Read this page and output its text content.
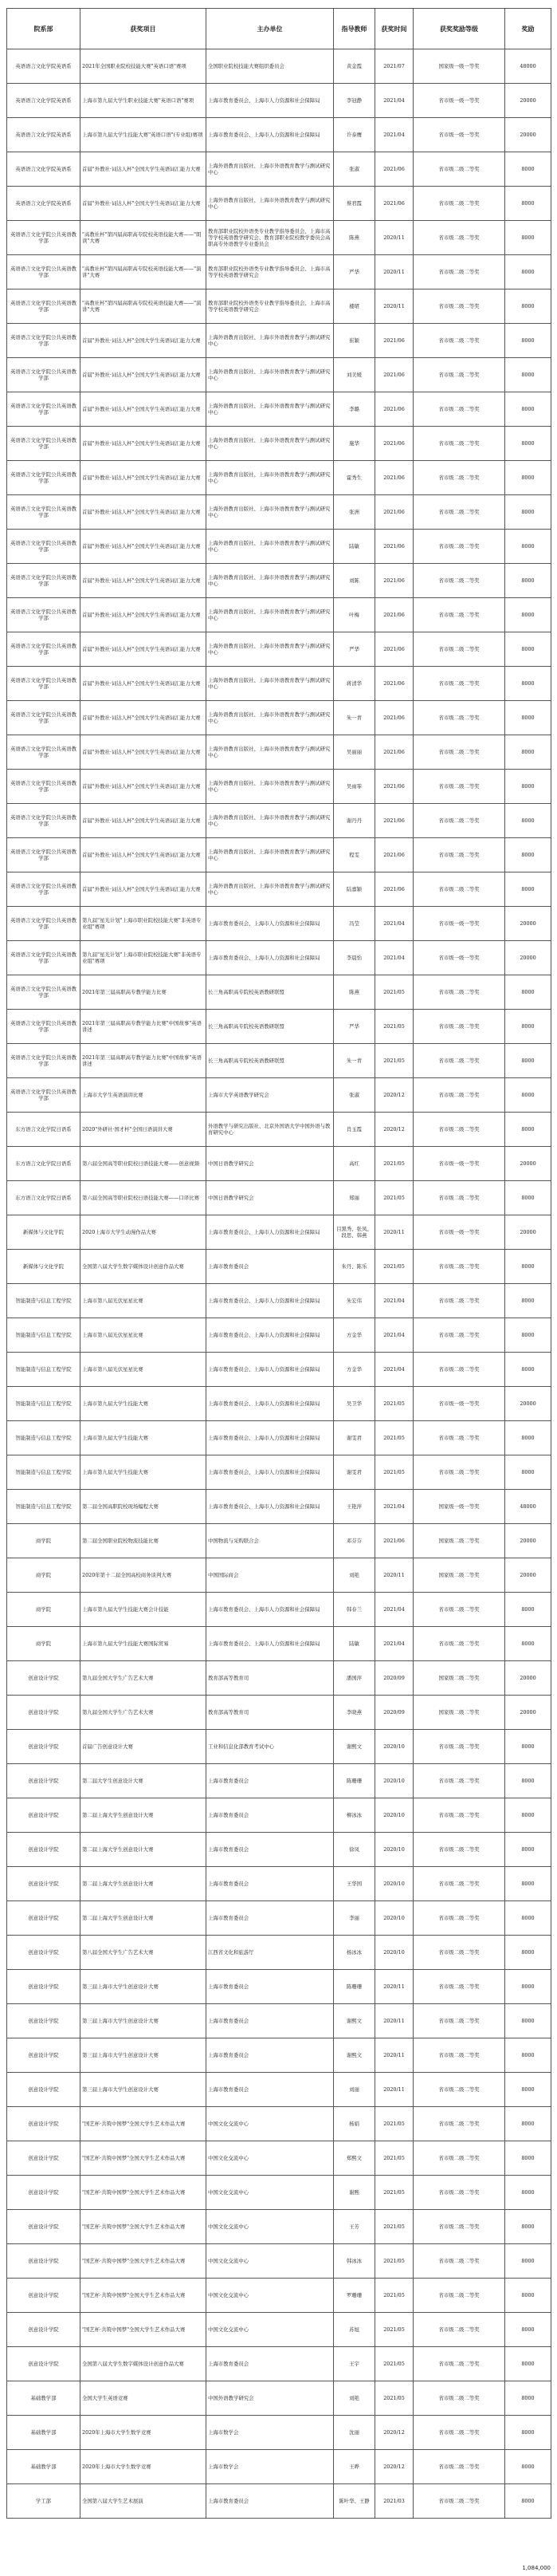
院系部	获奖项目	主办单位	指导教师	获奖时间	获奖奖励等级	奖励
英语语言文化学院英语系	2021年全国职业院校技能大赛"英语口语"赛项	全国职业院校技能大赛组织委员会	黄金霞	2021/07	国家级一级一等奖	48000
英语语言文化学院英语系	上海市第九届大学生职业技能大赛"英语口语"赛项	上海市教育委员会、上海市人力资源和社会保障局	李冠静	2021/04	省市级一级一等奖	20000
英语语言文化学院英语系	上海市第九届大学生技能大赛"英语口语"(专业组)赛项	上海市教育委员会、上海市人力资源和社会保障局	许泰鹰	2021/04	省市级一级一等奖	20000
英语语言文化学院英语系	首届"外教社·词达人杯"全国大学生英语词汇能力大赛	上海外语教育出版社、上海市外语教育教学与测试研究中心	张淑	2021/06	省市级二级二等奖	8000
英语语言文化学院英语系	首届"外教社·词达人杯"全国大学生英语词汇能力大赛	上海外语教育出版社、上海市外语教育教学与测试研究中心	蔡君霞	2021/06	省市级二级二等奖	8000
英语语言文化学院公共英语教学部	"高教社杯"第四届高职高专院校英语技能大赛——"朗读"大赛	教育部职业院校外语类专业教学指导委员会、上海市高等学校英语教学研究会、教育部职业院校教学委员会高职高专外语教学专业委员会	陈燕	2020/11	省市级二级二等奖	8000
英语语言文化学院公共英语教学部	"高教社杯"第四届高职高专院校英语技能大赛——"演讲"大赛	教育部职业院校外语类专业教学指导委员会、上海市高等学校英语教学研究会	严华	2020/11	省市级二级二等奖	8000
英语语言文化学院公共英语教学部	"高教社杯"第四届高职高专院校英语技能大赛——"演讲"大赛	教育部职业院校外语类专业教学指导委员会、上海市高等学校英语教学研究会	楼珺	2020/11	省市级二级二等奖	8000
英语语言文化学院公共英语教学部	首届"外教社·词达人杯"全国大学生英语词汇能力大赛	上海外语教育出版社、上海市外语教育教学与测试研究中心	崔颖	2021/06	省市级二级二等奖	8000
英语语言文化学院公共英语教学部	首届"外教社·词达人杯"全国大学生英语词汇能力大赛	上海外语教育出版社、上海市外语教育教学与测试研究中心	刘美媛	2021/06	省市级二级二等奖	8000
英语语言文化学院公共英语教学部	首届"外教社·词达人杯"全国大学生英语词汇能力大赛	上海外语教育出版社、上海市外语教育教学与测试研究中心	李璐	2021/06	省市级二级二等奖	8000
英语语言文化学院公共英语教学部	首届"外教社·词达人杯"全国大学生英语词汇能力大赛	上海外语教育出版社、上海市外语教育教学与测试研究中心	施华	2021/06	省市级二级二等奖	8000
英语语言文化学院公共英语教学部	首届"外教社·词达人杯"全国大学生英语词汇能力大赛	上海外语教育出版社、上海市外语教育教学与测试研究中心	霍秀生	2021/06	省市级二级二等奖	8000
英语语言文化学院公共英语教学部	首届"外教社·词达人杯"全国大学生英语词汇能力大赛	上海外语教育出版社、上海市外语教育教学与测试研究中心	张洲	2021/06	省市级二级二等奖	8000
英语语言文化学院公共英语教学部	首届"外教社·词达人杯"全国大学生英语词汇能力大赛	上海外语教育出版社、上海市外语教育教学与测试研究中心	陆敏	2021/06	省市级二级二等奖	8000
英语语言文化学院公共英语教学部	首届"外教社·词达人杯"全国大学生英语词汇能力大赛	上海外语教育出版社、上海市外语教育教学与测试研究中心	刘陈	2021/06	省市级二级二等奖	8000
英语语言文化学院公共英语教学部	首届"外教社·词达人杯"全国大学生英语词汇能力大赛	上海外语教育出版社、上海市外语教育教学与测试研究中心	叶梅	2021/06	省市级二级二等奖	8000
英语语言文化学院公共英语教学部	首届"外教社·词达人杯"全国大学生英语词汇能力大赛	上海外语教育出版社、上海市外语教育教学与测试研究中心	严华	2021/06	省市级二级二等奖	8000
英语语言文化学院公共英语教学部	首届"外教社·词达人杯"全国大学生英语词汇能力大赛	上海外语教育出版社、上海市外语教育教学与测试研究中心	蒋清华	2021/06	省市级二级二等奖	8000
英语语言文化学院公共英语教学部	首届"外教社·词达人杯"全国大学生英语词汇能力大赛	上海外语教育出版社、上海市外语教育教学与测试研究中心	朱一青	2021/06	省市级二级二等奖	8000
英语语言文化学院公共英语教学部	首届"外教社·词达人杯"全国大学生英语词汇能力大赛	上海外语教育出版社、上海市外语教育教学与测试研究中心	吴丽丽	2021/06	省市级二级二等奖	8000
英语语言文化学院公共英语教学部	首届"外教社·词达人杯"全国大学生英语词汇能力大赛	上海外语教育出版社、上海市外语教育教学与测试研究中心	吴雨霏	2021/06	省市级二级二等奖	8000
英语语言文化学院公共英语教学部	首届"外教社·词达人杯"全国大学生英语词汇能力大赛	上海外语教育出版社、上海市外语教育教学与测试研究中心	谢丹丹	2021/06	省市级二级二等奖	8000
英语语言文化学院公共英语教学部	首届"外教社·词达人杯"全国大学生英语词汇能力大赛	上海外语教育出版社、上海市外语教育教学与测试研究中心	程雯	2021/06	省市级二级二等奖	8000
英语语言文化学院公共英语教学部	首届"外教社·词达人杯"全国大学生英语词汇能力大赛	上海外语教育出版社、上海市外语教育教学与测试研究中心	陆嘉颖	2021/06	省市级二级二等奖	8000
英语语言文化学院公共英语教学部	第九届"星光计划"上海市职业院校技能大赛"非英语专业组"赛项	上海市教育委员会、上海市人力资源和社会保障局	冯莹	2021/04	省市级一级一等奖	20000
英语语言文化学院公共英语教学部	第九届"星光计划"上海市职业院校技能大赛"非英语专业组"赛项	上海市教育委员会、上海市人力资源和社会保障局	李晨怡	2021/04	省市级一级一等奖	20000
英语语言文化学院公共英语教学部	2021年第三届高职高专教学能力比赛	长三角高职高专院校英语教研联盟	陈燕	2021/05	省市级二级二等奖	8000
英语语言文化学院公共英语教学部	2021年第三届高职高专教学能力比赛"中国故事"英语讲述	长三角高职高专院校英语教研联盟	严华	2021/05	省市级二级二等奖	8000
英语语言文化学院公共英语教学部	2021年第三届高职高专教学能力比赛"中国故事"英语讲述	长三角高职高专院校英语教研联盟	朱一青	2021/05	省市级二级二等奖	8000
英语语言文化学院公共英语教学部	上海市大学生英语演讲比赛	上海市大学英语教学研究会	张淑	2020/12	省市级二级二等奖	8000
东方语言文化学院日语系	2020"外研社·国才杯"全国日语演讲大赛	外语教学与研究出版社、北京外国语大学中国外语与教育研究中心	肖玉霞	2020/12	省市级二级二等奖	8000
东方语言文化学院日语系	第六届全国高等职业院校日语技能大赛——创意视频	中国日语教学研究会	高红	2021/05	省市级一级一等奖	20000
东方语言文化学院日语系	第六届全国高等职业院校日语技能大赛——口译比赛	中国日语教学研究会	郑丽	2021/05	省市级二级二等奖	8000
新媒体与文化学院	2020上海市大学生动漫作品大赛	上海市教育委员会、上海市人力资源和社会保障局	目黑秀、张凤、段思、韩燕	2020/11	省市级一级一等奖	20000
新媒体与文化学院	全国第八届大学生数字媒体设计创意作品大赛	上海市教育委员会	朱丹、陈乐	2021/05	省市级二级二等奖	8000
智能制造与信息工程学院	上海市第八届光伏星星比赛	上海市教育委员会、上海市人力资源和社会保障局	朱宏伟	2021/04	省市级二级二等奖	8000
智能制造与信息工程学院	上海市第八届光伏星星比赛	上海市教育委员会、上海市人力资源和社会保障局	方金华	2021/04	省市级二级二等奖	8000
智能制造与信息工程学院	上海市第八届光伏星星比赛	上海市教育委员会、上海市人力资源和社会保障局	方金华	2021/04	省市级二级二等奖	8000
智能制造与信息工程学院	上海市第九届大学生技能大赛	上海市教育委员会、上海市人力资源和社会保障局	吴卫华	2021/05	省市级一级一等奖	20000
智能制造与信息工程学院	上海市第九届大学生技能大赛	上海市教育委员会、上海市人力资源和社会保障局	谢雯君	2021/05	省市级二级二等奖	8000
智能制造与信息工程学院	上海市第九届大学生技能大赛	上海市教育委员会、上海市人力资源和社会保障局	谢雯君	2021/05	省市级二级二等奖	8000
智能制造与信息工程学院	第二届全国高职院校现场编程大赛	上海市教育委员会、上海市人力资源和社会保障局	王艳萍	2021/04	国家级一级一等奖	48000
商学院	第二届全国职业院校物流技能比赛	中国物流与采购联合会	邓芬芬	2021/06	国家级二级二等奖	20000
商学院	2020年第十二届全国高校商务谈判大赛	中国国际商会	刘艳	2020/11	国家级二级二等奖	20000
商学院	上海市第九届大学生技能大赛会计技能	上海市教育委员会、上海市人力资源和社会保障局	韩春兰	2021/04	省市级二级二等奖	8000
商学院	上海市第九届大学生技能大赛国际贸易	上海市教育委员会、上海市人力资源和社会保障局	陆敏	2021/04	省市级二级二等奖	8000
创意设计学院	第九届全国大学生广告艺术大赛	教育部高等教育司	潘国萍	2020/09	国家级二级二等奖	20000
创意设计学院	第九届全国大学生广告艺术大赛	教育部高等教育司	李晓燕	2020/09	国家级二级二等奖	20000
创意设计学院	首届广告创意设计大赛	工业和信息化部教育考试中心	谢熙文	2020/10	省市级二级二等奖	8000
创意设计学院	第二届大学生创意设计大赛	上海市教育委员会	陈珊珊	2020/10	省市级二级二等奖	8000
创意设计学院	第二届上海大学生创意设计大赛	上海市教育委员会	柳冰冰	2020/10	省市级二级二等奖	8000
创意设计学院	第二届上海大学生创意设计大赛	上海市教育委员会	徐凤	2020/10	省市级二级二等奖	8000
创意设计学院	第二届上海大学生创意设计大赛	上海市教育委员会	王华国	2020/10	省市级二级二等奖	8000
创意设计学院	第二届上海大学生创意设计大赛	上海市教育委员会	李丽	2020/10	省市级二级二等奖	8000
创意设计学院	第八届全国大学生广告艺术大赛	江西省文化和旅游厅	杨冰冰	2020/10	省市级二级二等奖	8000
创意设计学院	第三届上海市大学生创意设计大赛	上海市教育委员会	陈珊珊	2020/11	省市级二级二等奖	8000
创意设计学院	第三届上海市大学生创意设计大赛	上海市教育委员会	谢熙文	2020/11	省市级二级二等奖	8000
创意设计学院	第三届上海市大学生创意设计大赛	上海市教育委员会	谢熙文	2020/11	省市级二级二等奖	8000
创意设计学院	第三届上海市大学生创意设计大赛	上海市教育委员会	刘丽	2020/11	省市级二级二等奖	8000
创意设计学院	"国艺杯·共筑中国梦"全国大学生艺术作品大赛	中国文化交流中心	杨娟	2021/05	省市级二级二等奖	8000
创意设计学院	"国艺杯·共筑中国梦"全国大学生艺术作品大赛	中国文化交流中心	郑熙文	2021/05	省市级二级二等奖	8000
创意设计学院	"国艺杯·共筑中国梦"全国大学生艺术作品大赛	中国文化交流中心	谢熙	2021/05	省市级二级二等奖	8000
创意设计学院	"国艺杯·共筑中国梦"全国大学生艺术作品大赛	中国文化交流中心	王芳	2021/05	省市级二级二等奖	8000
创意设计学院	"国艺杯·共筑中国梦"全国大学生艺术作品大赛	中国文化交流中心	韩冰冰	2021/05	省市级二级二等奖	8000
创意设计学院	"国艺杯·共筑中国梦"全国大学生艺术作品大赛	中国文化交流中心	罗珊珊	2021/05	省市级二级二等奖	8000
创意设计学院	"国艺杯·共筑中国梦"全国大学生艺术作品大赛	中国文化交流中心	苏旭	2021/05	省市级二级二等奖	8000
创意设计学院	全国第八届大学生数字媒体设计创意作品大赛	上海市教育委员会	王宇	2021/05	省市级二级二等奖	8000
基础教学部	全国大学生英语竞赛	中国外语教学研究会	刘艳	2021/05	省市级二级二等奖	8000
基础教学部	2020年上海市大学生数学竞赛	上海市数学会	沈丽	2020/12	省市级二级二等奖	8000
基础教学部	2020年上海市大学生数学竞赛	上海市数学会	王晔	2020/12	省市级二级二等奖	8000
学工部	全国第八届大学生艺术展演	上海市教育委员会	陈叶华、王静	2021/03	省市级二级二等奖	8000
1,084,000
